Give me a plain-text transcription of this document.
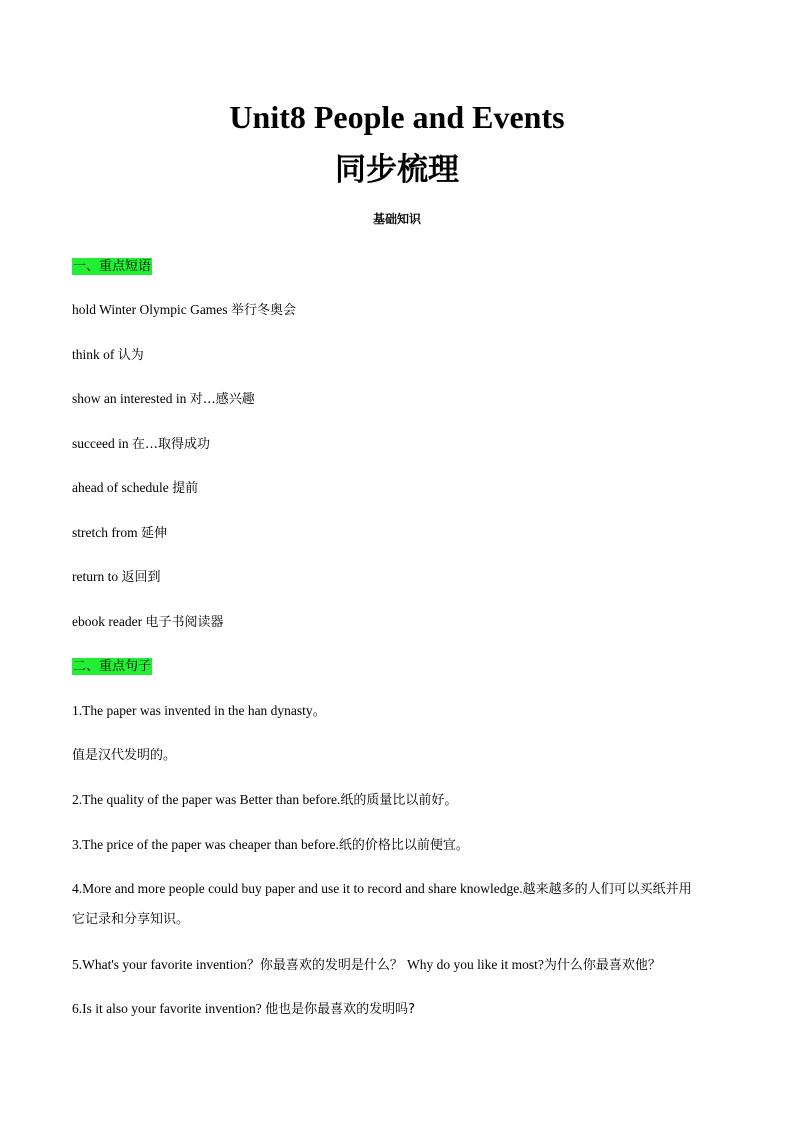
Unit8 People and Events
同步梳理
基础知识
一、重点短语
hold Winter Olympic Games 举行冬奥会
think of 认为
show an interested in 对…感兴趣
succeed in 在…取得成功
ahead of schedule 提前
stretch from 延伸
return to 返回到
ebook reader 电子书阅读器
二、重点句子
1.The paper was invented in the han dynasty。
值是汉代发明的。
2.The quality of the paper was Better than before.纸的质量比以前好。
3.The price of the paper was cheaper than before.纸的价格比以前便宜。
4.More and more people could buy paper and use it to record and share knowledge.越来越多的人们可以买纸并用
它记录和分享知识。
5.What's your favorite invention？你最喜欢的发明是什么？ Why do you like it most?为什么你最喜欢他？
6.Is it also your favorite invention? 他也是你最喜欢的发明吗?
